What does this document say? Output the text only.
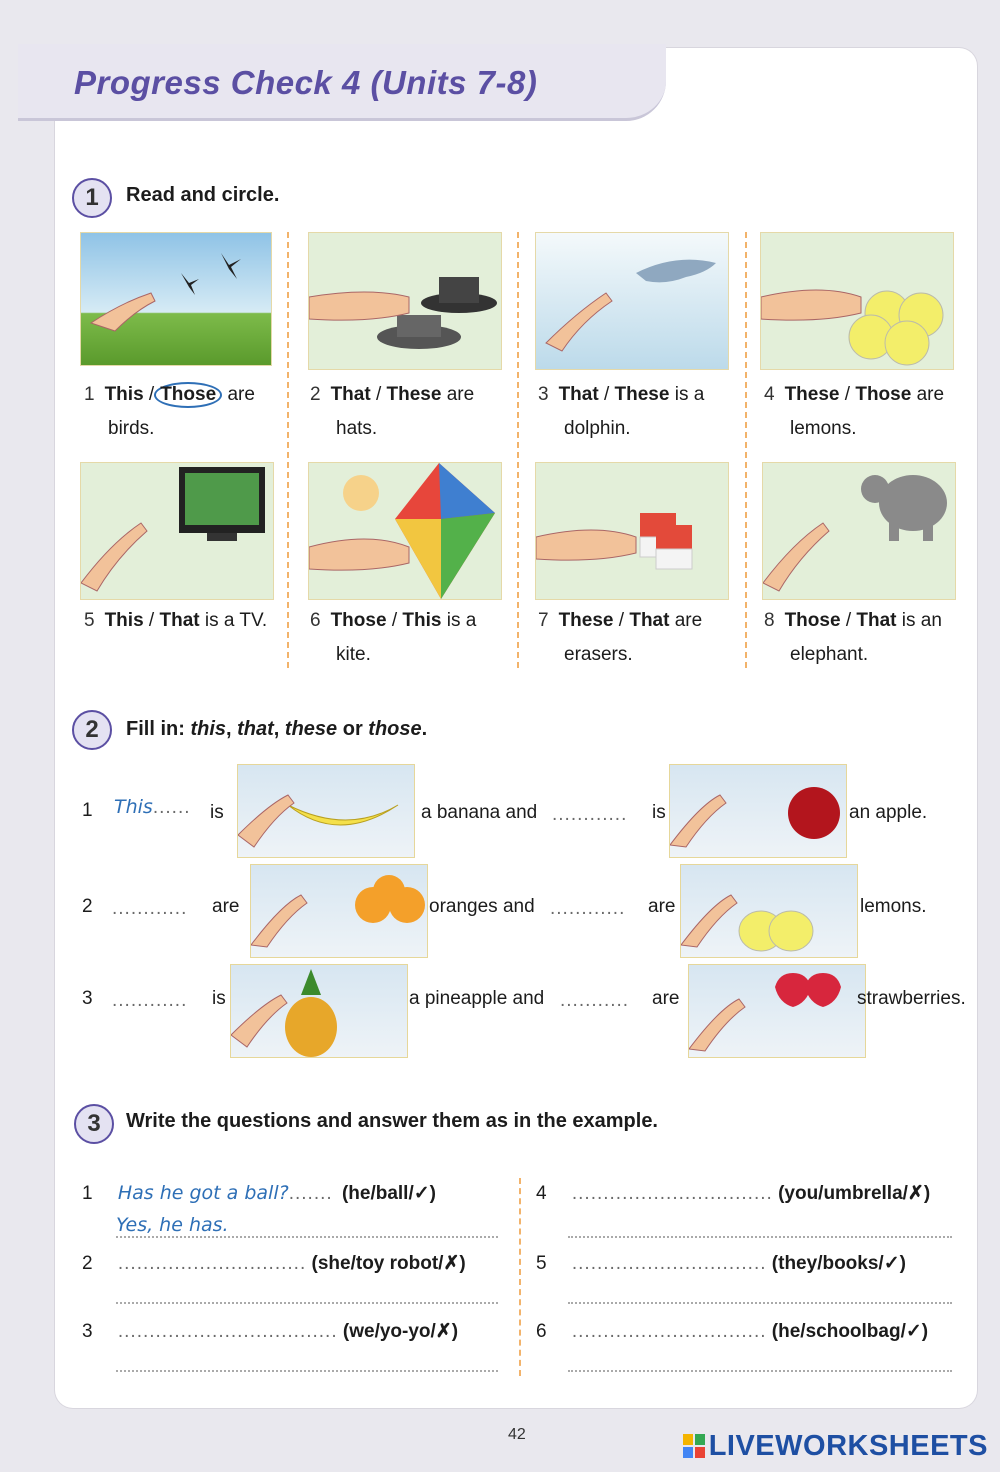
Progress Check 4 (Units 7-8)
1	Read and circle.
1 This / Those are
birds.
2 That / These are
hats.
3 That / These is a
dolphin.
4 These / Those are
lemons.
5 This / That is a TV. 6 Those / This is a
kite.
7 These / That are
erasers.
8 Those / That is an
elephant.
2	Fill in: this, that, these or those.
1 This...... is	a banana and ............ is	an apple.
2 ............ are	oranges and ............ are	lemons.
3 ............ is	a pineapple and ........... are	strawberries.
3	Write the questions and answer them as in the example.
1 Has he got a ball?....... (he/ball/✓)
Yes, he has.
2 .............................. (she/toy robot/✗)
3 ................................... (we/yo-yo/✗)
4 ................................ (you/umbrella/✗)
5 ............................... (they/books/✓)
6 ............................... (he/schoolbag/✓)
42	LIVEWORKSHEETS
